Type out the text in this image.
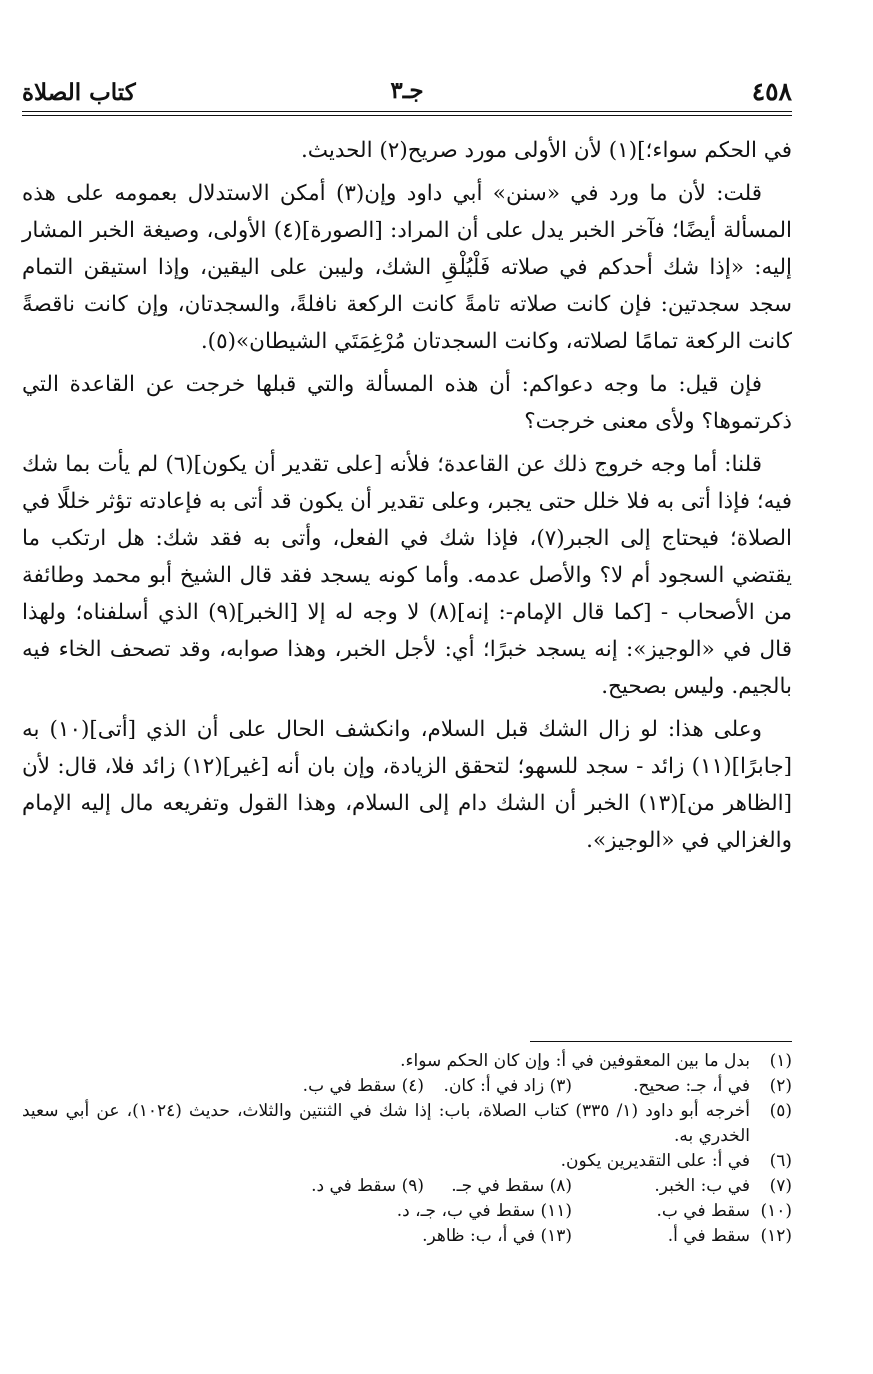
٤٥٨
جـ٣
كتاب الصلاة

في الحكم سواء؛](١) لأن الأولى مورد صريح(٢) الحديث.

قلت: لأن ما ورد في «سنن» أبي داود وإن(٣) أمكن الاستدلال بعمومه على هذه المسألة أيضًا؛ فآخر الخبر يدل على أن المراد: [الصورة](٤) الأولى، وصيغة الخبر المشار إليه: «إذا شك أحدكم في صلاته فَلْيُلْقِ الشك، وليبن على اليقين، وإذا استيقن التمام سجد سجدتين: فإن كانت صلاته تامةً كانت الركعة نافلةً، والسجدتان، وإن كانت ناقصةً كانت الركعة تمامًا لصلاته، وكانت السجدتان مُرْغِمَتَي الشيطان»(٥).

فإن قيل: ما وجه دعواكم: أن هذه المسألة والتي قبلها خرجت عن القاعدة التي ذكرتموها؟ ولأى معنى خرجت؟

قلنا: أما وجه خروج ذلك عن القاعدة؛ فلأنه [على تقدير أن يكون](٦) لم يأت بما شك فيه؛ فإذا أتى به فلا خلل حتى يجبر، وعلى تقدير أن يكون قد أتى به فإعادته تؤثر خللًا في الصلاة؛ فيحتاج إلى الجبر(٧)، فإذا شك في الفعل، وأتى به فقد شك: هل ارتكب ما يقتضي السجود أم لا؟ والأصل عدمه. وأما كونه يسجد فقد قال الشيخ أبو محمد وطائفة من الأصحاب - [كما قال الإمام-: إنه](٨) لا وجه له إلا [الخبر](٩) الذي أسلفناه؛ ولهذا قال في «الوجيز»: إنه يسجد خبرًا؛ أي: لأجل الخبر، وهذا صوابه، وقد تصحف الخاء فيه بالجيم. وليس بصحيح.

وعلى هذا: لو زال الشك قبل السلام، وانكشف الحال على أن الذي [أتى](١٠) به [جابرًا](١١) زائد - سجد للسهو؛ لتحقق الزيادة، وإن بان أنه [غير](١٢) زائد فلا، قال: لأن [الظاهر من](١٣) الخبر أن الشك دام إلى السلام، وهذا القول وتفريعه مال إليه الإمام والغزالي في «الوجيز».

(١)
بدل ما بين المعقوفين في أ: وإن كان الحكم سواء.
(٢)
في أ، جـ: صحيح.
(٣) زاد في أ: كان.
(٤) سقط في ب.
(٥)
أخرجه أبو داود (١/ ٣٣٥) كتاب الصلاة، باب: إذا شك في الثنتين والثلاث، حديث (١٠٢٤)، عن أبي سعيد الخدري به.
(٦)
في أ: على التقديرين يكون.
(٧)
في ب: الخبر.
(٨) سقط في جـ.
(٩) سقط في د.
(١٠)
سقط في ب.
(١١) سقط في ب، جـ، د.
(١٢)
سقط في أ.
(١٣) في أ، ب: ظاهر.
